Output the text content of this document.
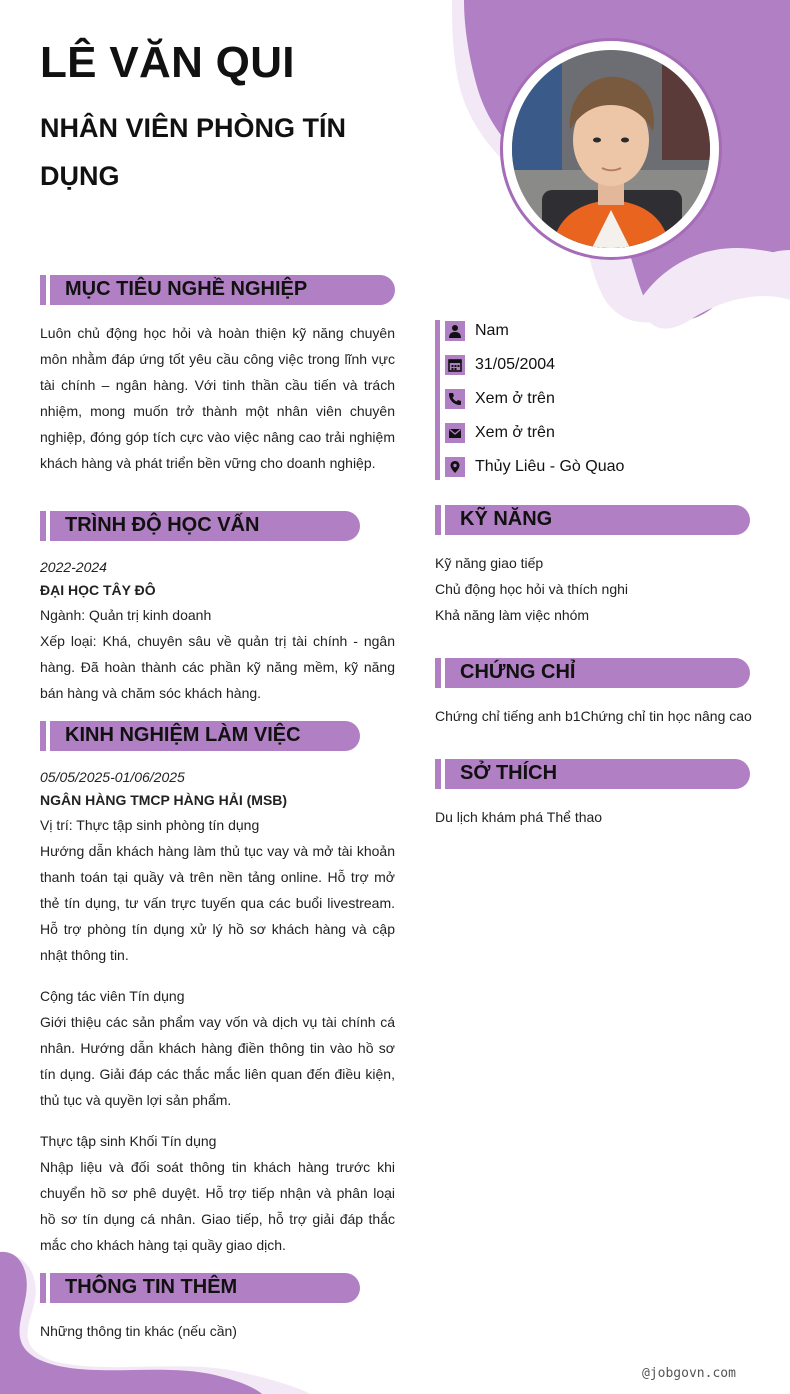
LÊ VĂN QUI
NHÂN VIÊN PHÒNG TÍN DỤNG
MỤC TIÊU NGHỀ NGHIỆP
Luôn chủ động học hỏi và hoàn thiện kỹ năng chuyên môn nhằm đáp ứng tốt yêu cầu công việc trong lĩnh vực tài chính – ngân hàng. Với tinh thần cầu tiến và trách nhiệm, mong muốn trở thành một nhân viên chuyên nghiệp, đóng góp tích cực vào việc nâng cao trải nghiệm khách hàng và phát triển bền vững cho doanh nghiệp.
Nam
31/05/2004
Xem ở trên
Xem ở trên
Thủy Liêu - Gò Quao
TRÌNH ĐỘ HỌC VẤN
2022-2024
ĐẠI HỌC TÂY ĐÔ
Ngành: Quản trị kinh doanh
Xếp loại: Khá, chuyên sâu về quản trị tài chính - ngân hàng. Đã hoàn thành các phần kỹ năng mềm, kỹ năng bán hàng và chăm sóc khách hàng.
KINH NGHIỆM LÀM VIỆC
05/05/2025-01/06/2025
NGÂN HÀNG TMCP HÀNG HẢI (MSB)
Vị trí: Thực tập sinh phòng tín dụng
Hướng dẫn khách hàng làm thủ tục vay và mở tài khoản thanh toán tại quầy và trên nền tảng online. Hỗ trợ mở thẻ tín dụng, tư vấn trực tuyến qua các buổi livestream. Hỗ trợ phòng tín dụng xử lý hồ sơ khách hàng và cập nhật thông tin.
Cộng tác viên Tín dụng
Giới thiệu các sản phẩm vay vốn và dịch vụ tài chính cá nhân. Hướng dẫn khách hàng điền thông tin vào hồ sơ tín dụng. Giải đáp các thắc mắc liên quan đến điều kiện, thủ tục và quyền lợi sản phẩm.
Thực tập sinh Khối Tín dụng
Nhập liệu và đối soát thông tin khách hàng trước khi chuyển hồ sơ phê duyệt. Hỗ trợ tiếp nhận và phân loại hồ sơ tín dụng cá nhân. Giao tiếp, hỗ trợ giải đáp thắc mắc cho khách hàng tại quầy giao dịch.
THÔNG TIN THÊM
Những thông tin khác (nếu cần)
KỸ NĂNG
Kỹ năng giao tiếp
Chủ động học hỏi và thích nghi
Khả năng làm việc nhóm
CHỨNG CHỈ
Chứng chỉ tiếng anh b1Chứng chỉ tin học nâng cao
SỞ THÍCH
Du lịch khám phá Thể thao
@jobgovn.com
